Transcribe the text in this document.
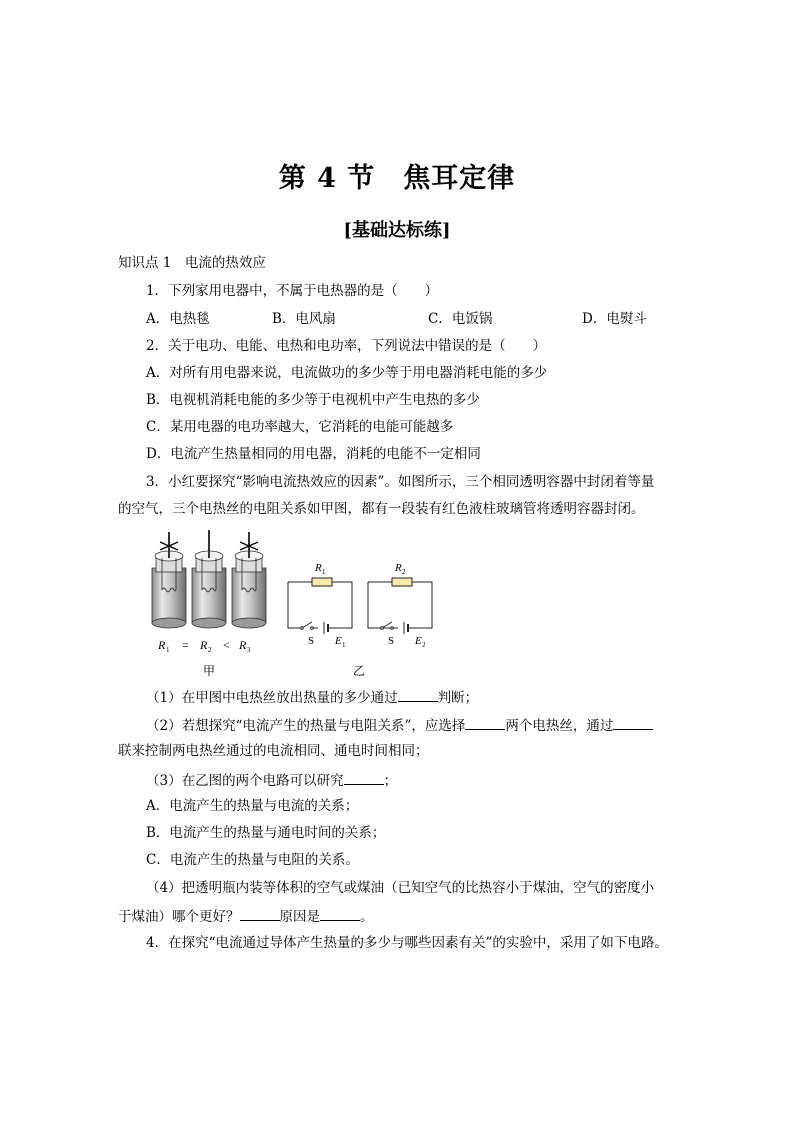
第 4 节 焦耳定律
[基础达标练]
知识点 1　电流的热效应
1．下列家用电器中，不属于电热器的是（　　）
A．电热毯	B．电风扇	C．电饭锅	D．电熨斗
2．关于电功、电能、电热和电功率，下列说法中错误的是（　　）
A．对所有用电器来说，电流做功的多少等于用电器消耗电能的多少
B．电视机消耗电能的多少等于电视机中产生电热的多少
C．某用电器的电功率越大，它消耗的电能可能越多
D．电流产生热量相同的用电器，消耗的电能不一定相同
3．小红要探究“影响电流热效应的因素”。如图所示，三个相同透明容器中封闭着等量
的空气，三个电热丝的电阻关系如甲图，都有一段装有红色液柱玻璃管将透明容器封闭。
R 1 = R 2 < R 3
甲
R 1
S E 1
R 2
S E 2
乙
（1）在甲图中电热丝放出热量的多少通过	判断；
（2）若想探究“电流产生的热量与电阻关系”，应选择	两个电热丝，通过
联来控制两电热丝通过的电流相同、通电时间相同；
（3）在乙图的两个电路可以研究	；
A．电流产生的热量与电流的关系；
B．电流产生的热量与通电时间的关系；
C．电流产生的热量与电阻的关系。
（4）把透明瓶内装等体积的空气或煤油（已知空气的比热容小于煤油，空气的密度小
于煤油）哪个更好？	原因是	。
4．在探究“电流通过导体产生热量的多少与哪些因素有关”的实验中，采用了如下电路。
